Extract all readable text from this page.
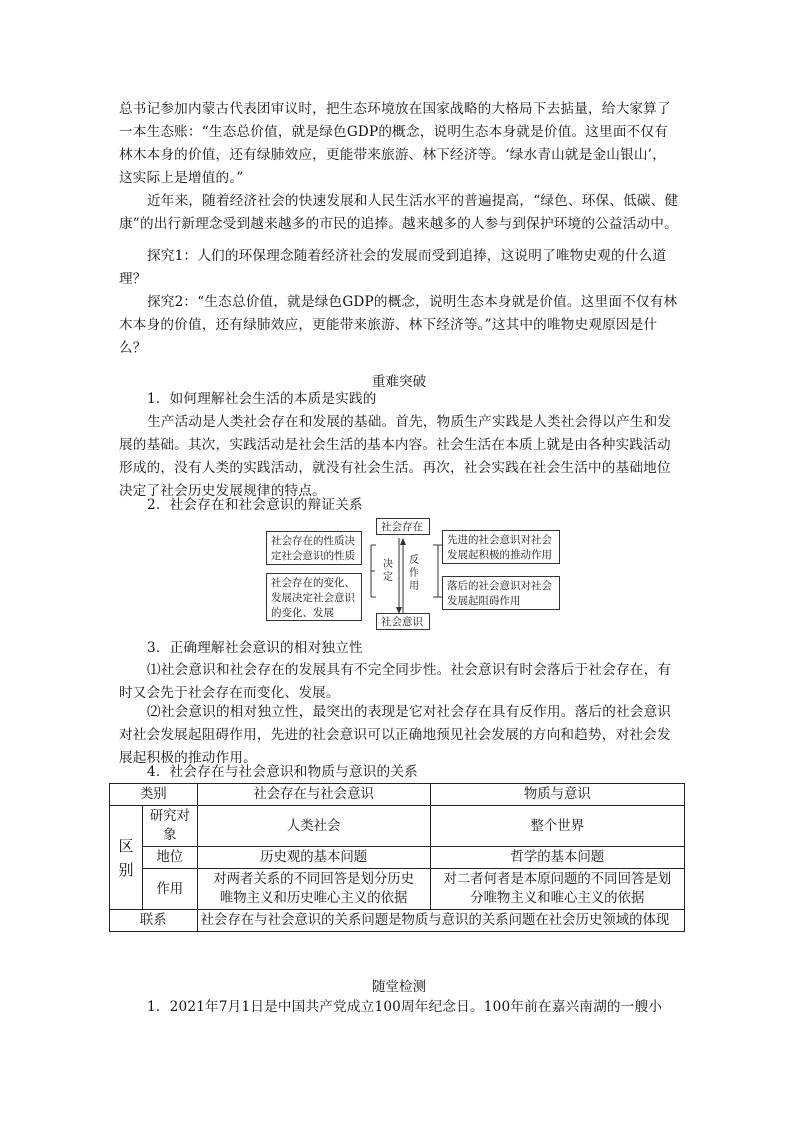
总书记参加内蒙古代表团审议时，把生态环境放在国家战略的大格局下去掂量，给大家算了一本生态账：“生态总价值，就是绿色GDP的概念，说明生态本身就是价值。这里面不仅有林木本身的价值，还有绿肺效应，更能带来旅游、林下经济等。‘绿水青山就是金山银山’，这实际上是增值的。”

近年来，随着经济社会的快速发展和人民生活水平的普遍提高，“绿色、环保、低碳、健康”的出行新理念受到越来越多的市民的追捧。越来越多的人参与到保护环境的公益活动中。

探究1：人们的环保理念随着经济社会的发展而受到追捧，这说明了唯物史观的什么道理？

探究2：“生态总价值，就是绿色GDP的概念，说明生态本身就是价值。这里面不仅有林木本身的价值，还有绿肺效应，更能带来旅游、林下经济等。”这其中的唯物史观原因是什么？

重难突破

1．如何理解社会生活的本质是实践的

生产活动是人类社会存在和发展的基础。首先，物质生产实践是人类社会得以产生和发展的基础。其次，实践活动是社会生活的基本内容。社会生活在本质上就是由各种实践活动形成的，没有人类的实践活动，就没有社会生活。再次，社会实践在社会生活中的基础地位决定了社会历史发展规律的特点。

2．社会存在和社会意识的辩证关系

社会存在
社会意识
社会存在的性质决定社会意识的性质
社会存在的变化、发展决定社会意识的变化、发展
决定
反作用
先进的社会意识对社会发展起积极的推动作用
落后的社会意识对社会发展起阻碍作用

3．正确理解社会意识的相对独立性

⑴社会意识和社会存在的发展具有不完全同步性。社会意识有时会落后于社会存在，有时又会先于社会存在而变化、发展。

⑵社会意识的相对独立性，最突出的表现是它对社会存在具有反作用。落后的社会意识对社会发展起阻碍作用，先进的社会意识可以正确地预见社会发展的方向和趋势，对社会发展起积极的推动作用。

4．社会存在与社会意识和物质与意识的关系

类别		社会存在与社会意识	物质与意识
区别	研究对象	人类社会	整个世界
	地位	历史观的基本问题	哲学的基本问题
	作用	对两者关系的不同回答是划分历史唯物主义和历史唯心主义的依据	对二者何者是本原问题的不同回答是划分唯物主义和唯心主义的依据
联系		社会存在与社会意识的关系问题是物质与意识的关系问题在社会历史领域的体现	
随堂检测

1．2021年7月1日是中国共产党成立100周年纪念日。100年前在嘉兴南湖的一艘小
